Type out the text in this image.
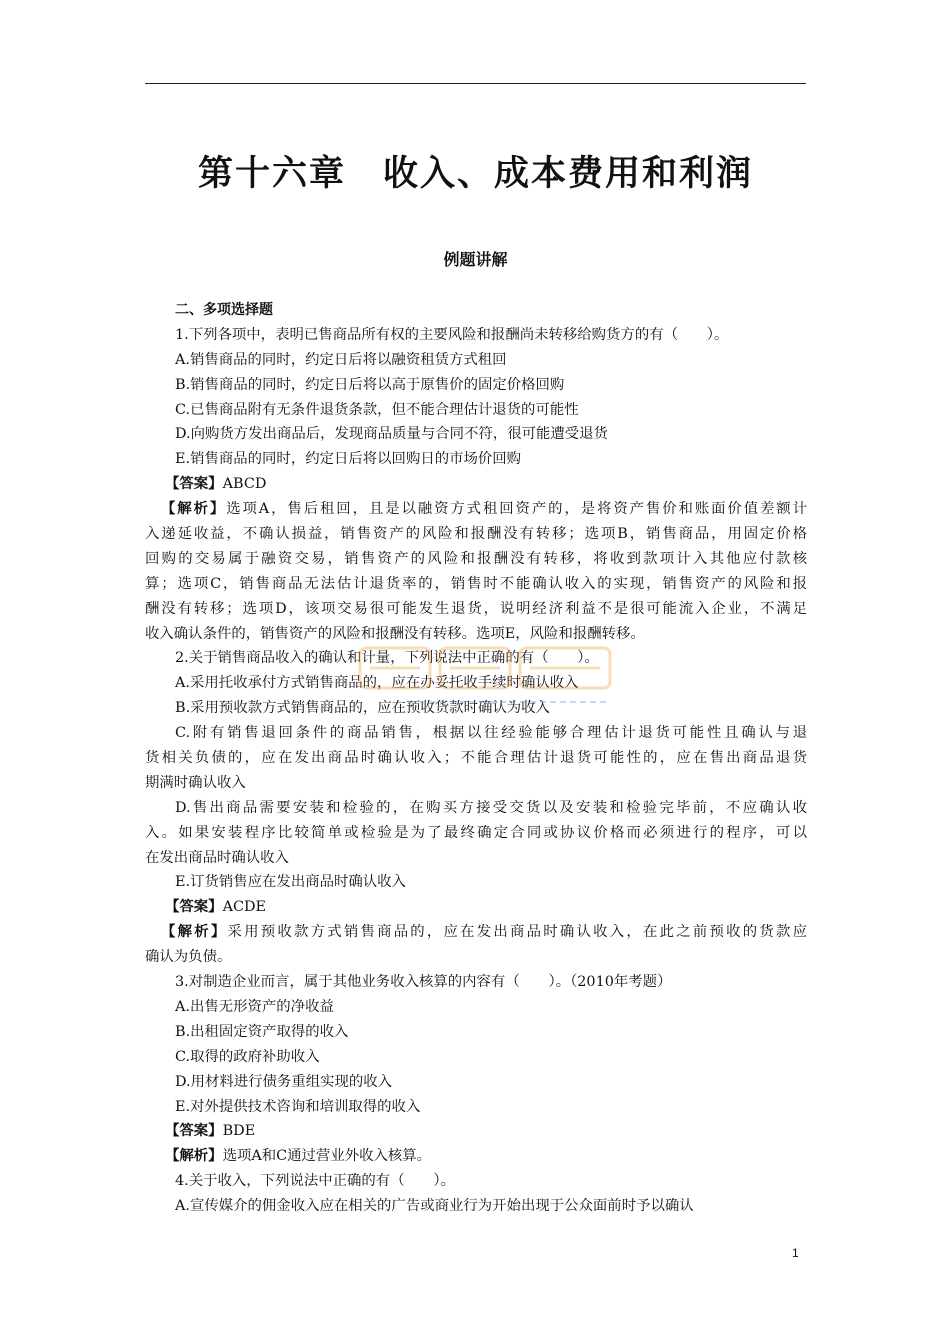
第十六章　收入、成本费用和利润
例题讲解
二、多项选择题
1.下列各项中，表明已售商品所有权的主要风险和报酬尚未转移给购货方的有（　　）。
A.销售商品的同时，约定日后将以融资租赁方式租回
B.销售商品的同时，约定日后将以高于原售价的固定价格回购
C.已售商品附有无条件退货条款，但不能合理估计退货的可能性
D.向购货方发出商品后，发现商品质量与合同不符，很可能遭受退货
E.销售商品的同时，约定日后将以回购日的市场价回购
【答案】ABCD
【解析】选项A，售后租回，且是以融资方式租回资产的，是将资产售价和账面价值差额计
入递延收益，不确认损益，销售资产的风险和报酬没有转移；选项B，销售商品，用固定价格
回购的交易属于融资交易，销售资产的风险和报酬没有转移，将收到款项计入其他应付款核
算；选项C，销售商品无法估计退货率的，销售时不能确认收入的实现，销售资产的风险和报
酬没有转移；选项D，该项交易很可能发生退货，说明经济利益不是很可能流入企业，不满足
收入确认条件的，销售资产的风险和报酬没有转移。选项E，风险和报酬转移。
2.关于销售商品收入的确认和计量，下列说法中正确的有（　　）。
A.采用托收承付方式销售商品的，应在办妥托收手续时确认收入
B.采用预收款方式销售商品的，应在预收货款时确认为收入
C.附有销售退回条件的商品销售，根据以往经验能够合理估计退货可能性且确认与退
货相关负债的，应在发出商品时确认收入；不能合理估计退货可能性的，应在售出商品退货
期满时确认收入
D.售出商品需要安装和检验的，在购买方接受交货以及安装和检验完毕前，不应确认收
入。如果安装程序比较简单或检验是为了最终确定合同或协议价格而必须进行的程序，可以
在发出商品时确认收入
E.订货销售应在发出商品时确认收入
【答案】ACDE
【解析】采用预收款方式销售商品的，应在发出商品时确认收入，在此之前预收的货款应
确认为负债。
3.对制造企业而言，属于其他业务收入核算的内容有（　　）。（2010年考题）
A.出售无形资产的净收益
B.出租固定资产取得的收入
C.取得的政府补助收入
D.用材料进行债务重组实现的收入
E.对外提供技术咨询和培训取得的收入
【答案】BDE
【解析】选项A和C通过营业外收入核算。
4.关于收入，下列说法中正确的有（　　）。
A.宣传媒介的佣金收入应在相关的广告或商业行为开始出现于公众面前时予以确认
1
